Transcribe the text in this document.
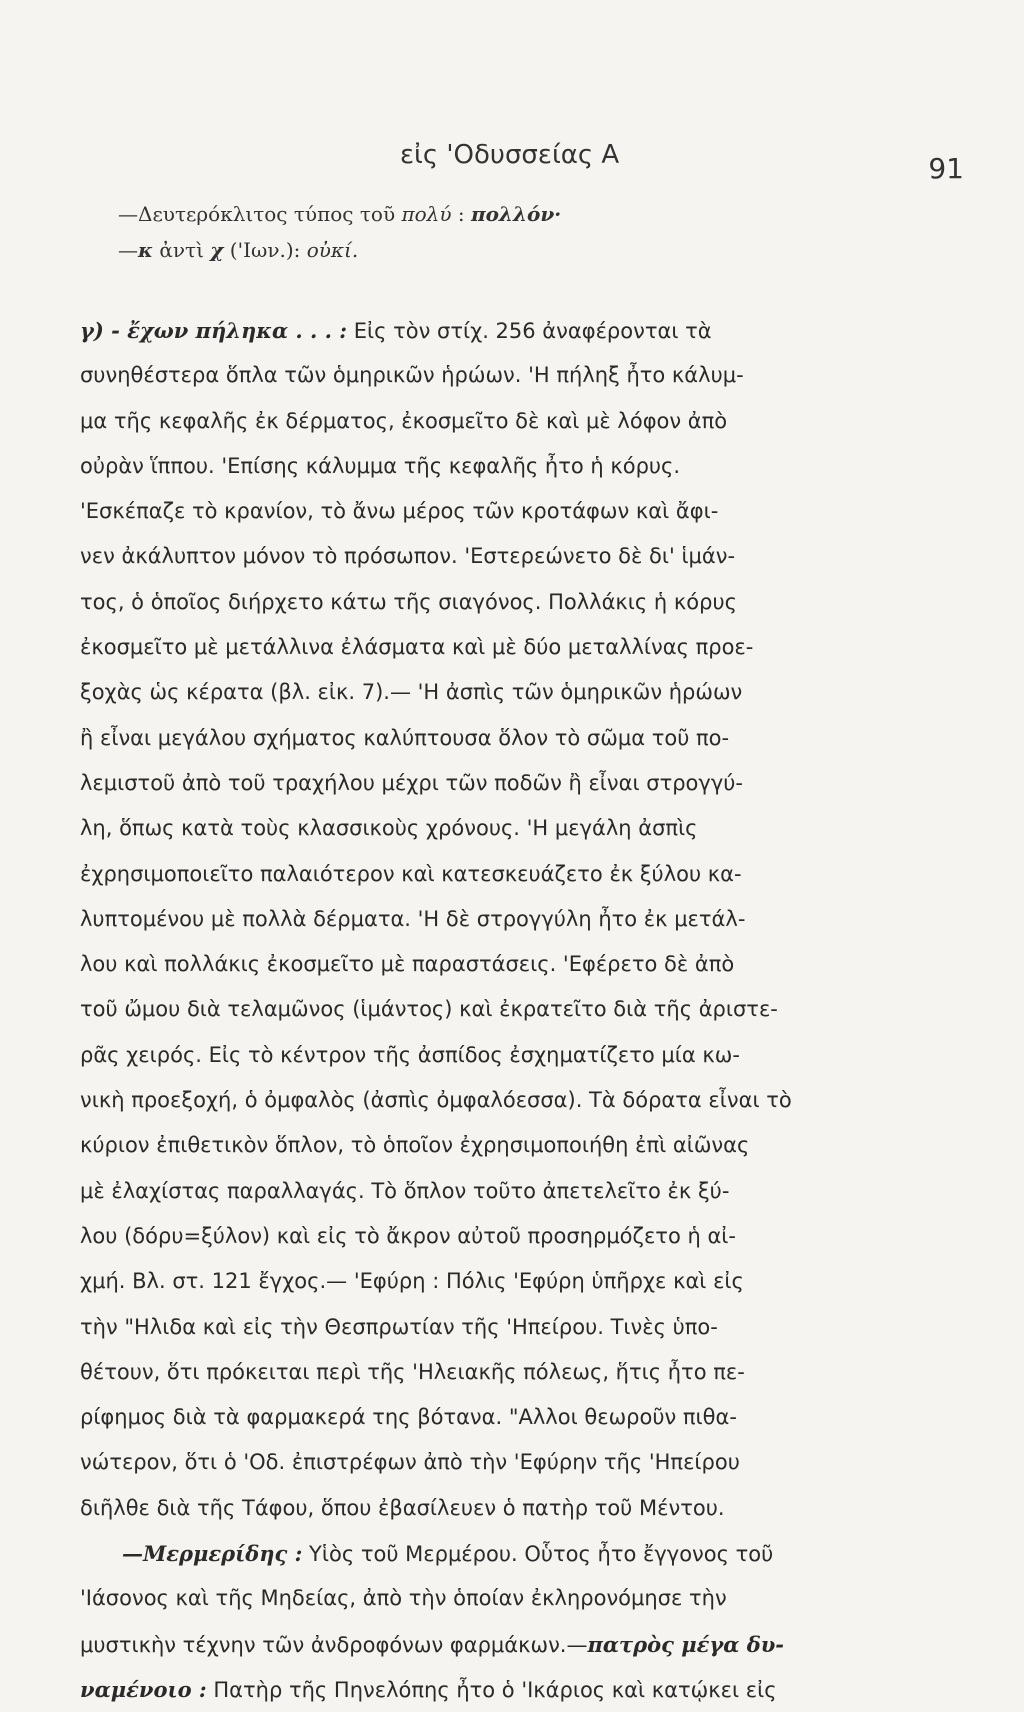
εἰς 'Οδυσσείας Α	91
—Δευτερόκλιτος τύπος τοῦ πολύ : πολλόν·
—κ ἀντὶ χ ('Ιων.): οὐκί.
γ) - ἔχων πήληκα . . . : Εἰς τὸν στίχ. 256 ἀναφέρονται τὰ
συνηθέστερα ὅπλα τῶν ὁμηρικῶν ἡρώων. 'Η πήληξ ἦτο κάλυμ-
μα τῆς κεφαλῆς ἐκ δέρματος, ἐκοσμεῖτο δὲ καὶ μὲ λόφον ἀπὸ
οὐρὰν ἵππου. 'Επίσης κάλυμμα τῆς κεφαλῆς ἦτο ἡ κόρυς.
'Εσκέπαζε τὸ κρανίον, τὸ ἄνω μέρος τῶν κροτάφων καὶ ἄφι-
νεν ἀκάλυπτον μόνον τὸ πρόσωπον. 'Εστερεώνετο δὲ δι' ἱμάν-
τος, ὁ ὁποῖος διήρχετο κάτω τῆς σιαγόνος. Πολλάκις ἡ κόρυς
ἐκοσμεῖτο μὲ μετάλλινα ἐλάσματα καὶ μὲ δύο μεταλλίνας προε-
ξοχὰς ὡς κέρατα (βλ. εἰκ. 7).— 'Η ἀσπὶς τῶν ὁμηρικῶν ἡρώων
ἢ εἶναι μεγάλου σχήματος καλύπτουσα ὅλον τὸ σῶμα τοῦ πο-
λεμιστοῦ ἀπὸ τοῦ τραχήλου μέχρι τῶν ποδῶν ἢ εἶναι στρογγύ-
λη, ὅπως κατὰ τοὺς κλασσικοὺς χρόνους. 'Η μεγάλη ἀσπὶς
ἐχρησιμοποιεῖτο παλαιότερον καὶ κατεσκευάζετο ἐκ ξύλου κα-
λυπτομένου μὲ πολλὰ δέρματα. 'Η δὲ στρογγύλη ἦτο ἐκ μετάλ-
λου καὶ πολλάκις ἐκοσμεῖτο μὲ παραστάσεις. 'Εφέρετο δὲ ἀπὸ
τοῦ ὤμου διὰ τελαμῶνος (ἱμάντος) καὶ ἐκρατεῖτο διὰ τῆς ἀριστε-
ρᾶς χειρός. Εἰς τὸ κέντρον τῆς ἀσπίδος ἐσχηματίζετο μία κω-
νικὴ προεξοχή, ὁ ὀμφαλὸς (ἀσπὶς ὀμφαλόεσσα). Τὰ δόρατα εἶναι τὸ
κύριον ἐπιθετικὸν ὅπλον, τὸ ὁποῖον ἐχρησιμοποιήθη ἐπὶ αἰῶνας
μὲ ἐλαχίστας παραλλαγάς. Τὸ ὅπλον τοῦτο ἀπετελεῖτο ἐκ ξύ-
λου (δόρυ=ξύλον) καὶ εἰς τὸ ἄκρον αὐτοῦ προσηρμόζετο ἡ αἰ-
χμή. Βλ. στ. 121 ἔγχος.— 'Εφύρη : Πόλις 'Εφύρη ὑπῆρχε καὶ εἰς
τὴν "Ηλιδα καὶ εἰς τὴν Θεσπρωτίαν τῆς 'Ηπείρου. Τινὲς ὑπο-
θέτουν, ὅτι πρόκειται περὶ τῆς 'Ηλειακῆς πόλεως, ἥτις ἦτο πε-
ρίφημος διὰ τὰ φαρμακερά της βότανα. "Αλλοι θεωροῦν πιθα-
νώτερον, ὅτι ὁ 'Οδ. ἐπιστρέφων ἀπὸ τὴν 'Εφύρην τῆς 'Ηπείρου
διῆλθε διὰ τῆς Τάφου, ὅπου ἐβασίλευεν ὁ πατὴρ τοῦ Μέντου.
—Μερμερίδης : Υἱὸς τοῦ Μερμέρου. Οὗτος ἦτο ἔγγονος τοῦ
'Ιάσονος καὶ τῆς Μηδείας, ἀπὸ τὴν ὁποίαν ἐκληρονόμησε τὴν
μυστικὴν τέχνην τῶν ἀνδροφόνων φαρμάκων.—πατρὸς μέγα δυ-
ναμένοιο : Πατὴρ τῆς Πηνελόπης ἦτο ὁ 'Ικάριος καὶ κατῴκει εἰς
